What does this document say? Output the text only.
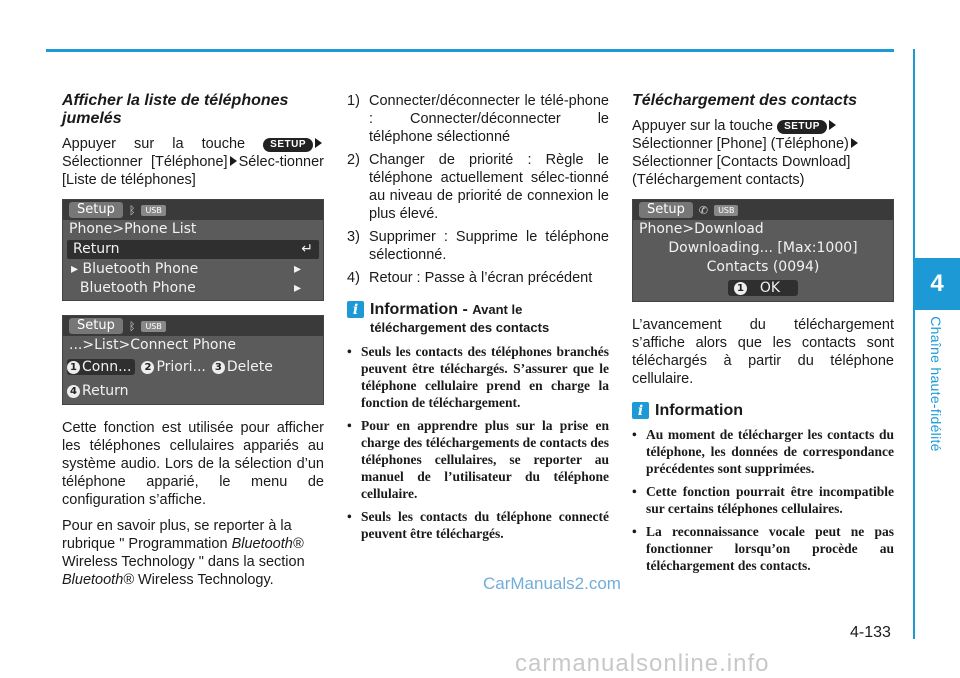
4
Chaîne haute-fidélité
Afficher la liste de téléphones jumelés

Appuyer sur la touche	SETUP Sélectionner [Téléphone] Sélec-tionner [Liste de téléphones]

Setup	ᛒ	USB
Phone>Phone List
Return	↵
▸ Bluetooth Phone	▸
Bluetooth Phone	▸
Setup	ᛒ	USB
...>List>Connect Phone
1 Conn...	2 Priori... 3 Delete
4 Return

Cette fonction est utilisée pour afficher les téléphones cellulaires appariés au système audio. Lors de la sélection d’un téléphone apparié, le menu de configuration s’affiche.

Pour en savoir plus, se reporter à la rubrique " Programmation Bluetooth® Wireless Technology " dans la section Bluetooth® Wireless Technology.

1) Connecter/déconnecter le télé-phone : Connecter/déconnecter le téléphone sélectionné
2) Changer de priorité : Règle le téléphone actuellement sélec-tionné au niveau de priorité de connexion le plus élevé.
3) Supprimer : Supprime le téléphone sélectionné.
4) Retour : Passe à l’écran précédent
i Information - Avant le téléchargement des contacts
• Seuls les contacts des téléphones branchés peuvent être téléchargés. S’assurer que le téléphone cellulaire prend en charge la fonction de téléchargement.
• Pour en apprendre plus sur la prise en charge des téléchargements de contacts des téléphones cellulaires, se reporter au manuel de l’utilisateur du téléphone cellulaire.
• Seuls les contacts du téléphone connecté peuvent être téléchargés.
Téléchargement des contacts

Appuyer sur la touche SETUP Sélectionner [Phone] (Téléphone) Sélectionner [Contacts Download] (Téléchargement contacts)

Setup	✆	USB
Phone>Download
Downloading... [Max:1000]
Contacts (0094)
1
OK

L’avancement du téléchargement s’affiche alors que les contacts sont téléchargés à partir du téléphone cellulaire.

i Information
• Au moment de télécharger les contacts du téléphone, les données de correspondance précédentes sont supprimées.
• Cette fonction pourrait être incompatible sur certains téléphones cellulaires.
• La reconnaissance vocale peut ne pas fonctionner lorsqu’on procède au téléchargement des contacts.
CarManuals2.com
4-133
carmanualsonline.info
